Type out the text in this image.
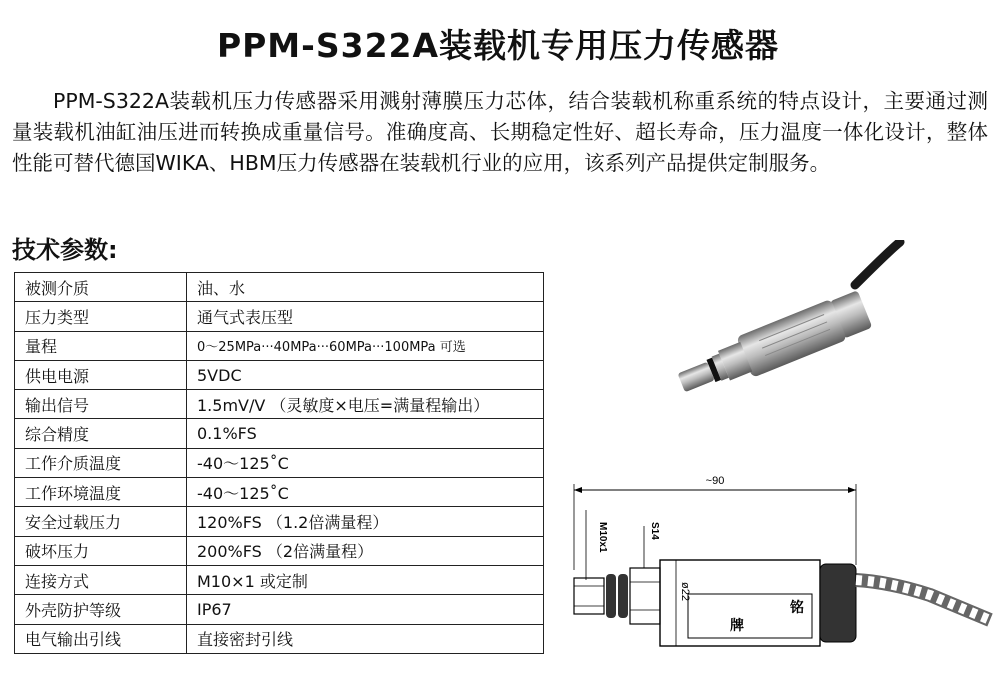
PPM-S322A装载机专用压力传感器

PPM-S322A装载机压力传感器采用溅射薄膜压力芯体，结合装载机称重系统的特点设计，主要通过测量装载机油缸油压进而转换成重量信号。准确度高、长期稳定性好、超长寿命，压力温度一体化设计，整体性能可替代德国WIKA、HBM压力传感器在装载机行业的应用，该系列产品提供定制服务。

技术参数:
被测介质	油、水
压力类型	通气式表压型
量程	0～25MPa···40MPa···60MPa···100MPa 可选
供电电源	5VDC
输出信号	1.5mV/V （灵敏度×电压=满量程输出）
综合精度	0.1%FS
工作介质温度	-40～125˚C
工作环境温度	-40～125˚C
安全过载压力	120%FS （1.2倍满量程）
破坏压力	200%FS （2倍满量程）
连接方式	M10×1 或定制
外壳防护等级	IP67
电气输出引线	直接密封引线
~90
M10x1	S14
ø22
铭
牌
